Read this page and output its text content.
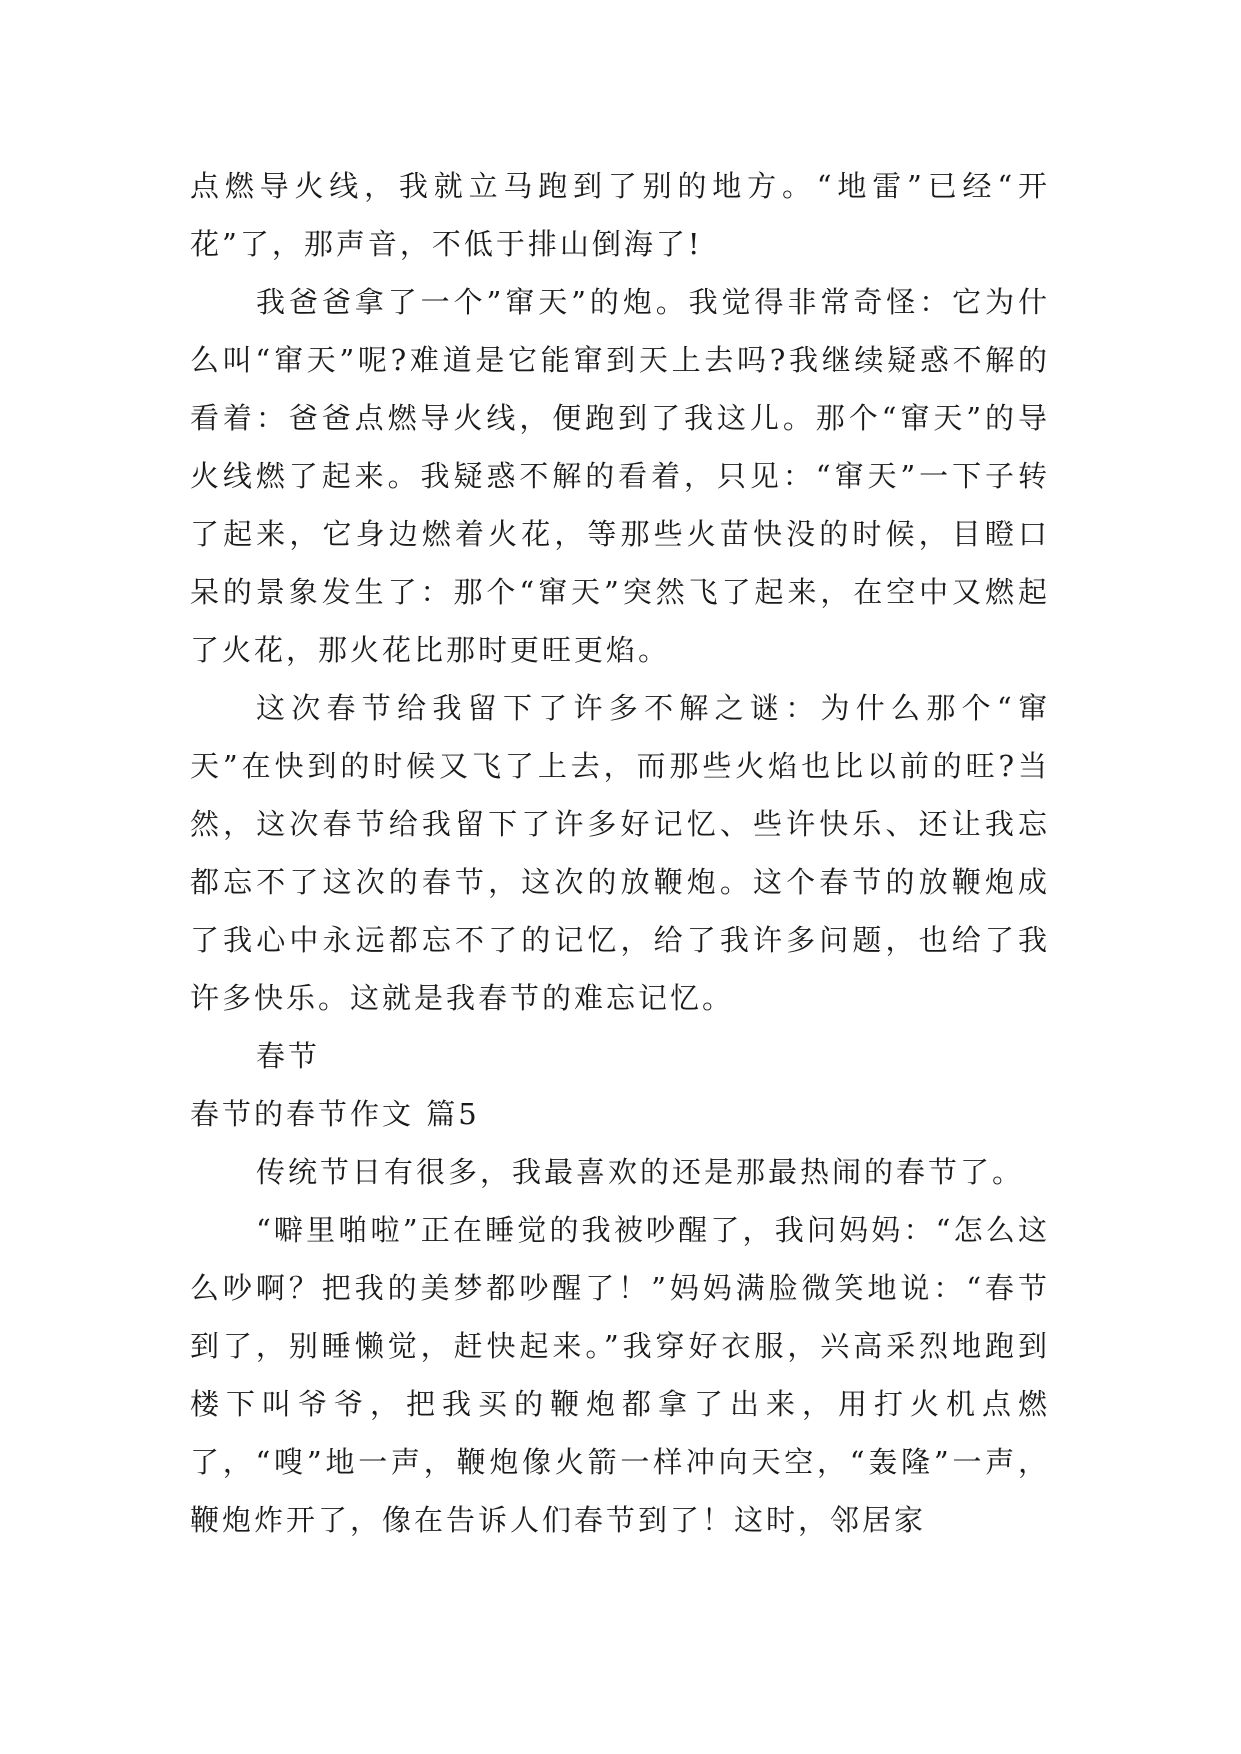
点燃导火线，我就立马跑到了别的地方。“地雷”已经“开花”了，那声音，不低于排山倒海了!

我爸爸拿了一个”窜天”的炮。我觉得非常奇怪：它为什么叫“窜天”呢?难道是它能窜到天上去吗?我继续疑惑不解的看着：爸爸点燃导火线，便跑到了我这儿。那个“窜天”的导火线燃了起来。我疑惑不解的看着，只见：“窜天”一下子转了起来，它身边燃着火花，等那些火苗快没的时候，目瞪口呆的景象发生了：那个“窜天”突然飞了起来，在空中又燃起了火花，那火花比那时更旺更焰。

这次春节给我留下了许多不解之谜：为什么那个“窜天”在快到的时候又飞了上去，而那些火焰也比以前的旺?当然，这次春节给我留下了许多好记忆、些许快乐、还让我忘都忘不了这次的春节，这次的放鞭炮。这个春节的放鞭炮成了我心中永远都忘不了的记忆，给了我许多问题，也给了我许多快乐。这就是我春节的难忘记忆。

春节

春节的春节作文 篇5

传统节日有很多，我最喜欢的还是那最热闹的春节了。

“噼里啪啦”正在睡觉的我被吵醒了，我问妈妈：“怎么这么吵啊？把我的美梦都吵醒了！”妈妈满脸微笑地说：“春节到了，别睡懒觉，赶快起来。”我穿好衣服，兴高采烈地跑到楼下叫爷爷，把我买的鞭炮都拿了出来，用打火机点燃了，“嗖”地一声，鞭炮像火箭一样冲向天空，“轰隆”一声，鞭炮炸开了，像在告诉人们春节到了！这时，邻居家
